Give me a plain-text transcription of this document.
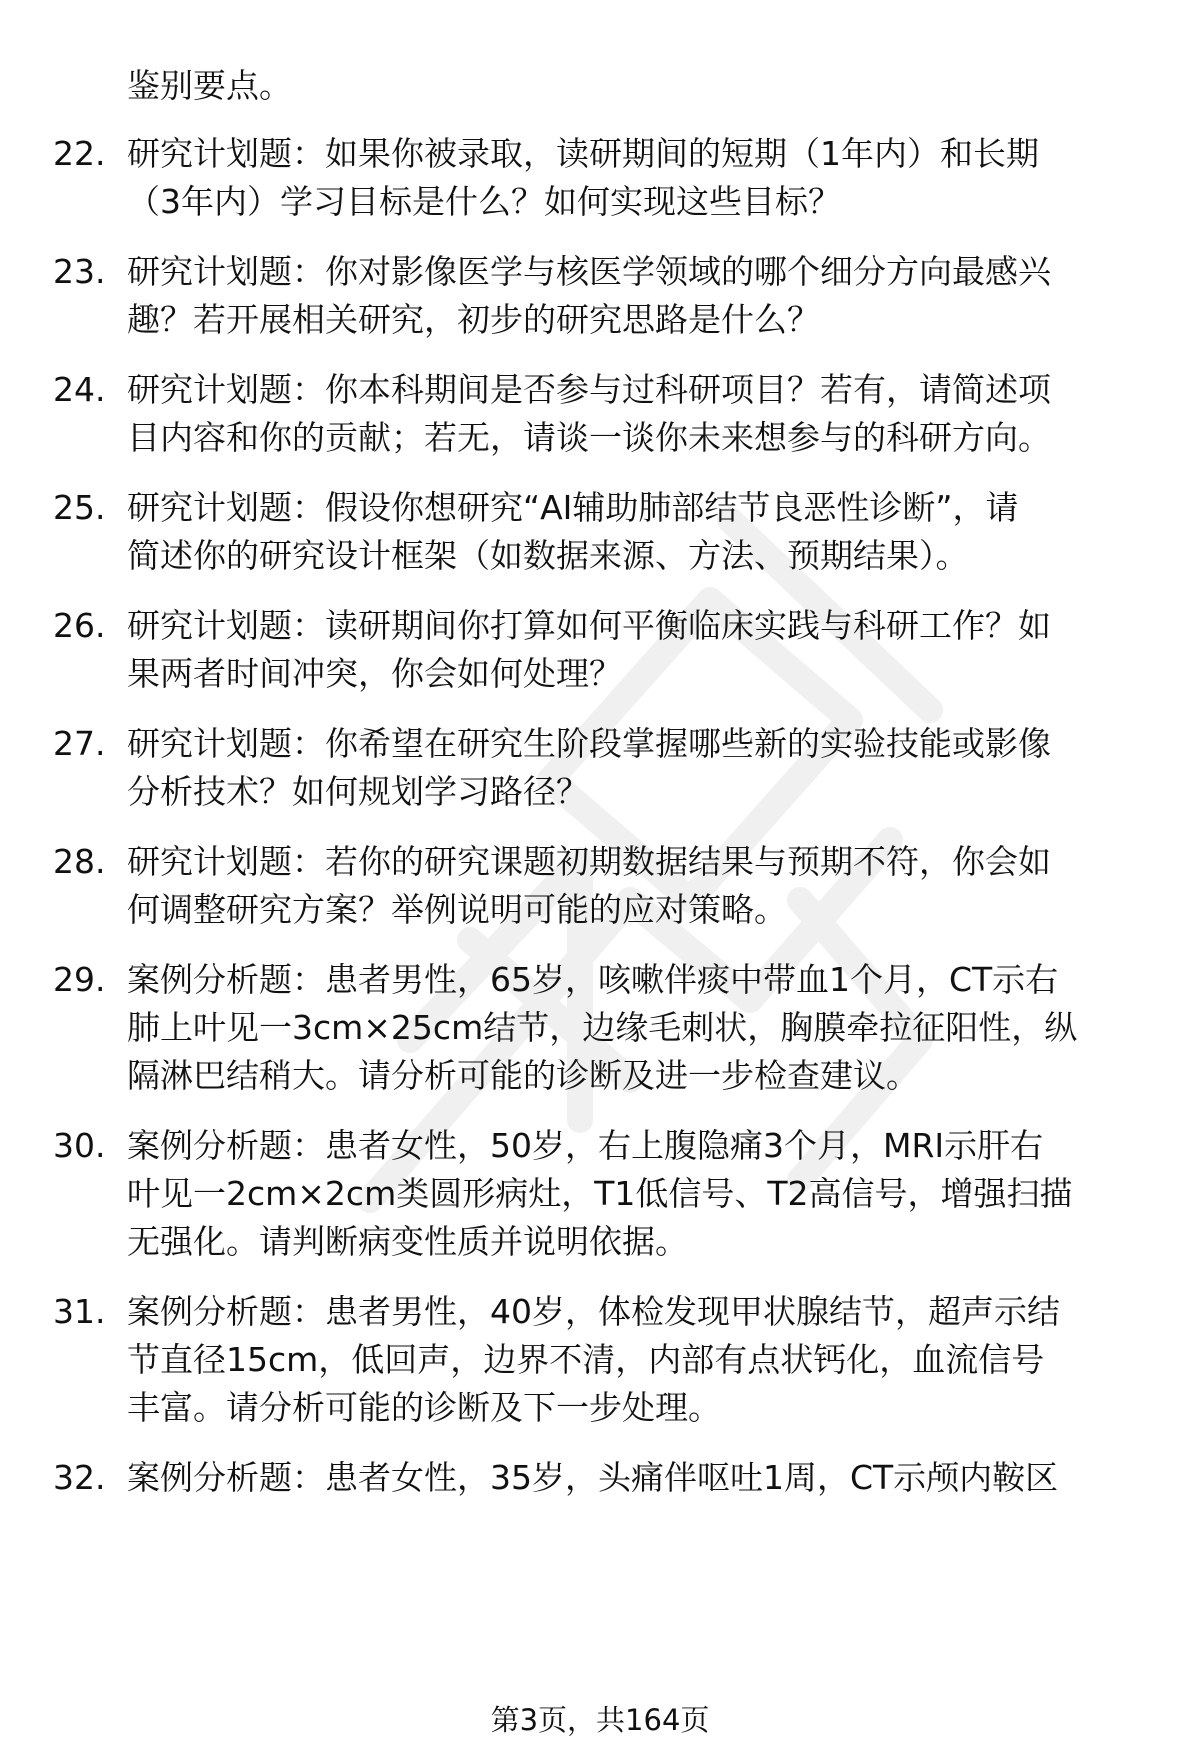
鉴别要点。
22. 研究计划题：如果你被录取，读研期间的短期（1年内）和长期
（3年内）学习目标是什么？如何实现这些目标？
23. 研究计划题：你对影像医学与核医学领域的哪个细分方向最感兴
趣？若开展相关研究，初步的研究思路是什么？
24. 研究计划题：你本科期间是否参与过科研项目？若有，请简述项
目内容和你的贡献；若无，请谈一谈你未来想参与的科研方向。
25. 研究计划题：假设你想研究“AI辅助肺部结节良恶性诊断”，请
简述你的研究设计框架（如数据来源、方法、预期结果）。
26. 研究计划题：读研期间你打算如何平衡临床实践与科研工作？如
果两者时间冲突，你会如何处理？
27. 研究计划题：你希望在研究生阶段掌握哪些新的实验技能或影像
分析技术？如何规划学习路径？
28. 研究计划题：若你的研究课题初期数据结果与预期不符，你会如
何调整研究方案？举例说明可能的应对策略。
29. 案例分析题：患者男性，65岁，咳嗽伴痰中带血1个月，CT示右
肺上叶见一3cm×25cm结节，边缘毛刺状，胸膜牵拉征阳性，纵
隔淋巴结稍大。请分析可能的诊断及进一步检查建议。
30. 案例分析题：患者女性，50岁，右上腹隐痛3个月，MRI示肝右
叶见一2cm×2cm类圆形病灶，T1低信号、T2高信号，增强扫描
无强化。请判断病变性质并说明依据。
31. 案例分析题：患者男性，40岁，体检发现甲状腺结节，超声示结
节直径15cm，低回声，边界不清，内部有点状钙化，血流信号
丰富。请分析可能的诊断及下一步处理。
32. 案例分析题：患者女性，35岁，头痛伴呕吐1周，CT示颅内鞍区
第3页，共164页
